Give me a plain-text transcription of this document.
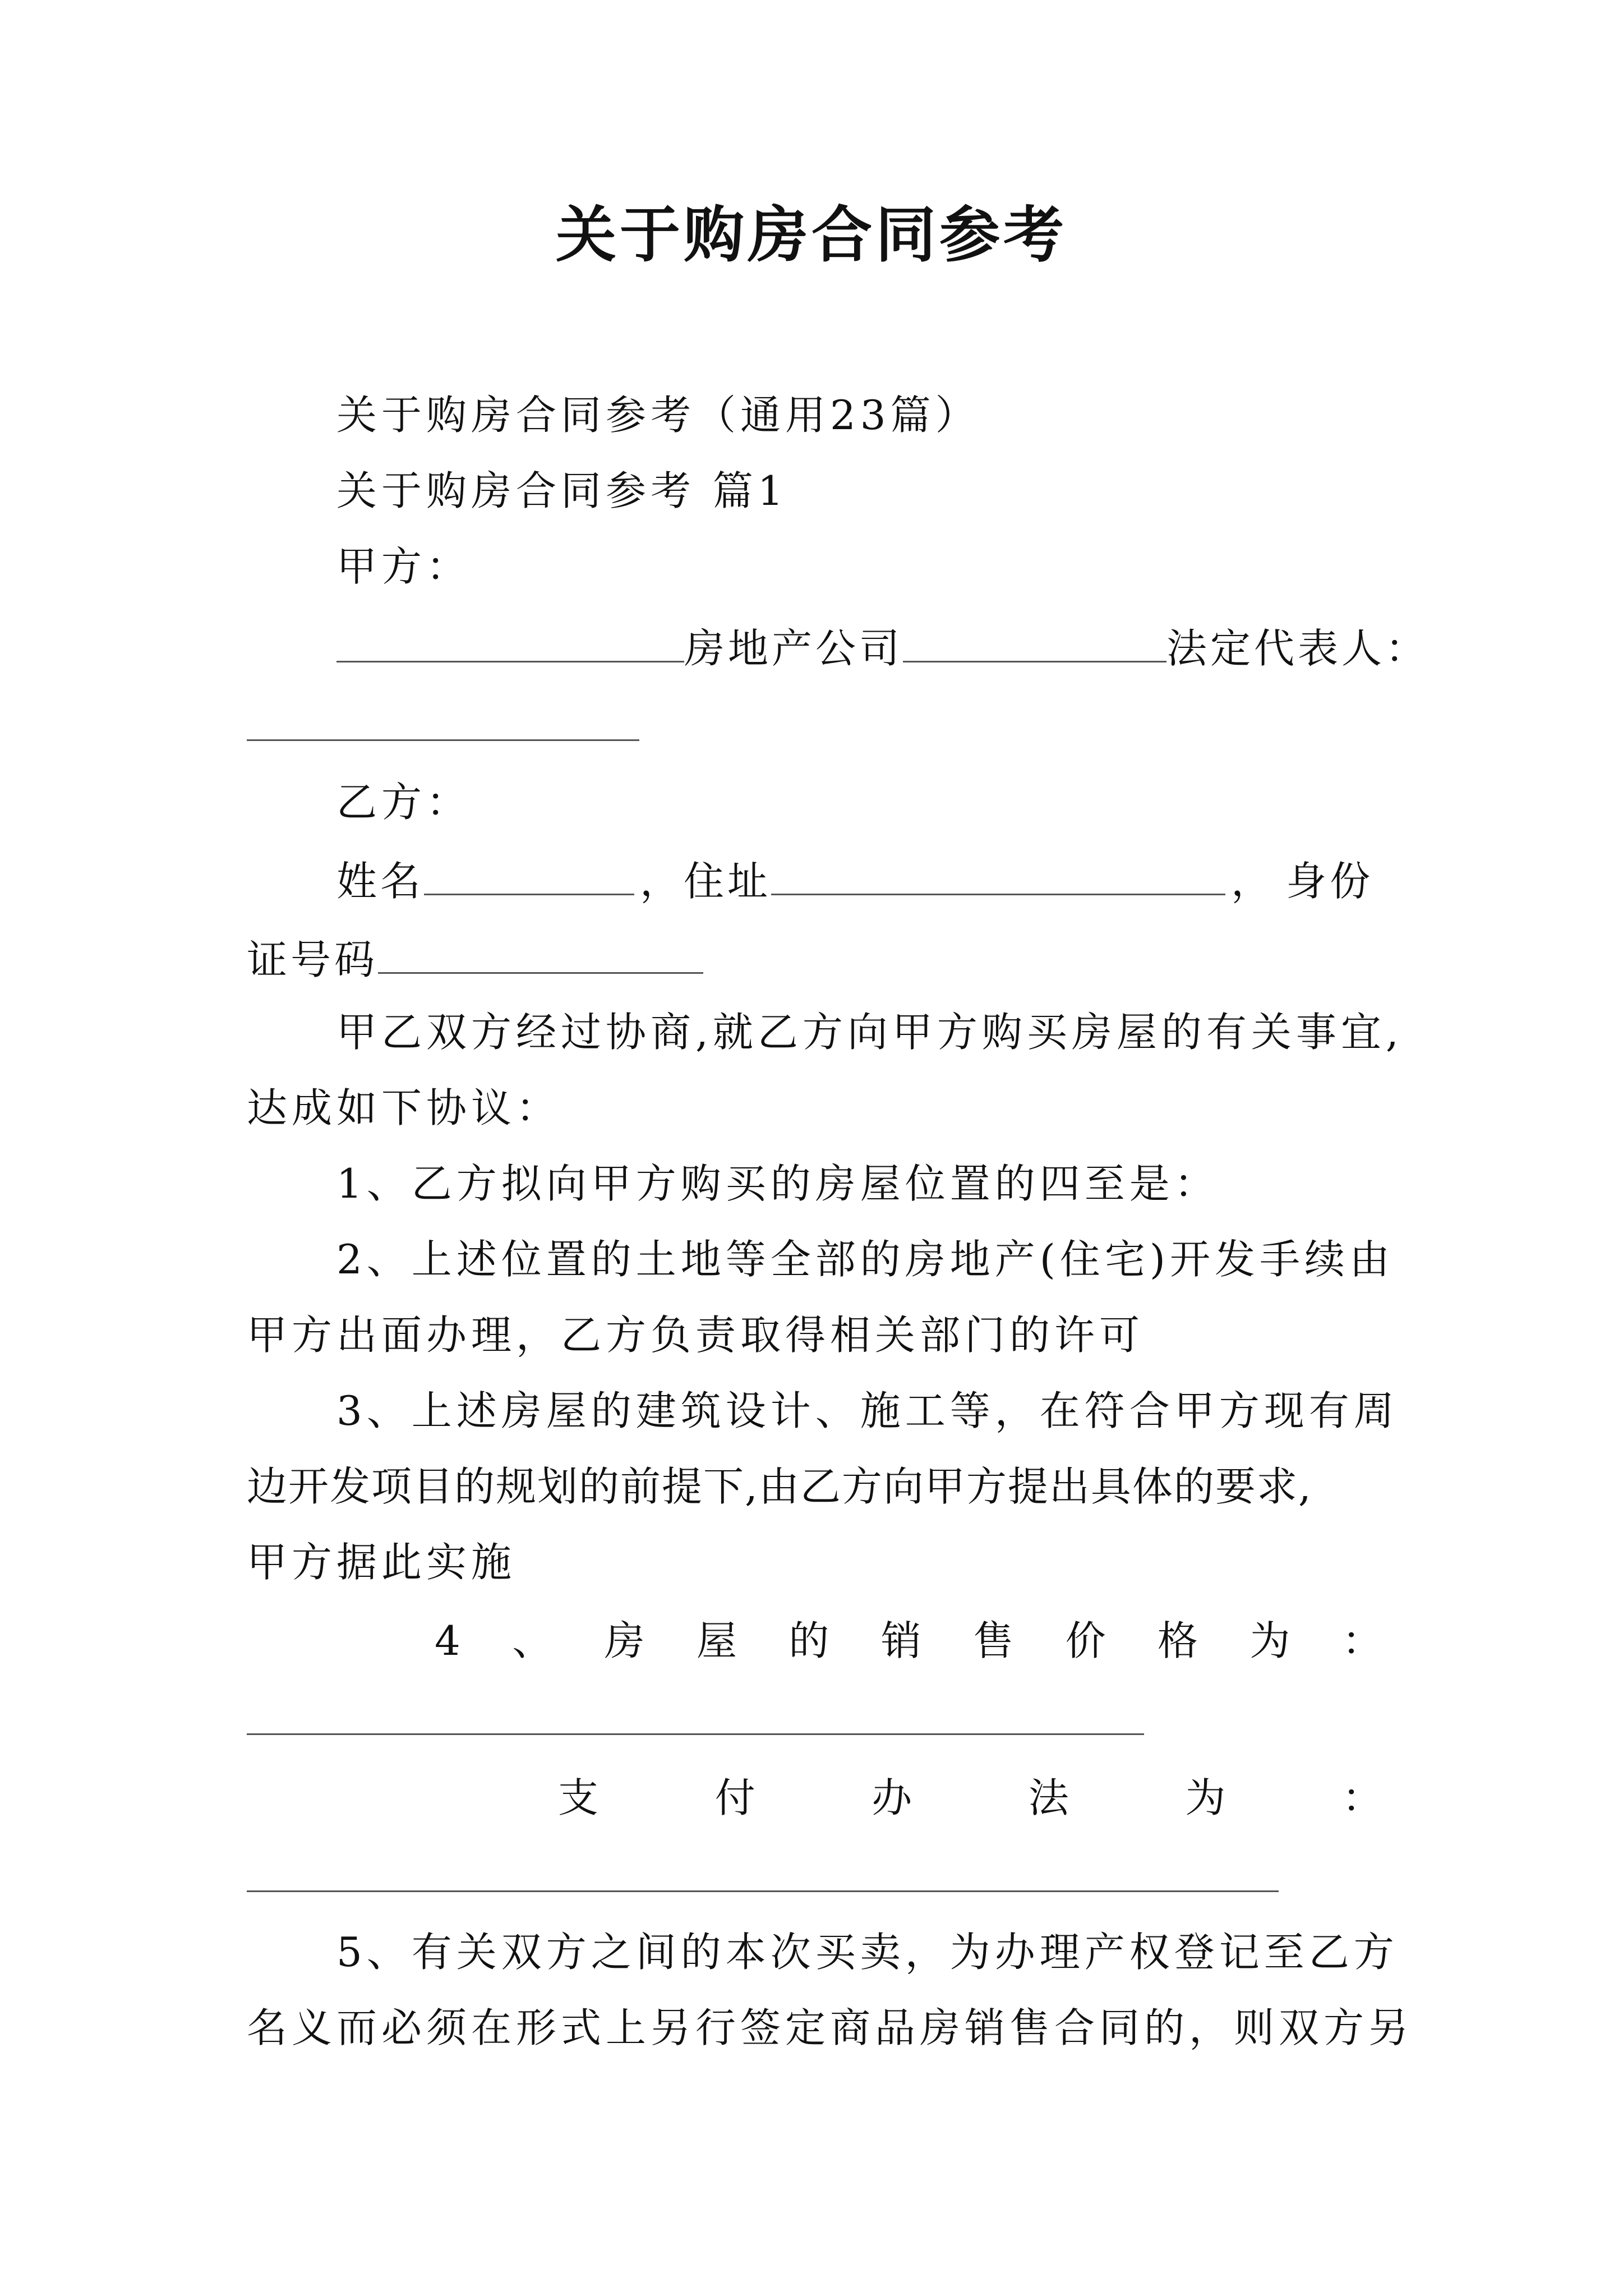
关于购房合同参考
关于购房合同参考（通用23篇）
关于购房合同参考 篇1
甲方：
房地产公司	法定代表人：
乙方：
姓名	，住址	， 身份
证号码
甲乙双方经过协商,就乙方向甲方购买房屋的有关事宜,
达成如下协议：
1、乙方拟向甲方购买的房屋位置的四至是：
2、上述位置的土地等全部的房地产(住宅)开发手续由
甲方出面办理，乙方负责取得相关部门的许可
3、上述房屋的建筑设计、施工等，在符合甲方现有周
边开发项目的规划的前提下,由乙方向甲方提出具体的要求,
甲方据此实施
4 、 房 屋 的 销 售 价 格 为 ：
支	付	办	法	为	：
5、有关双方之间的本次买卖，为办理产权登记至乙方
名义而必须在形式上另行签定商品房销售合同的，则双方另
